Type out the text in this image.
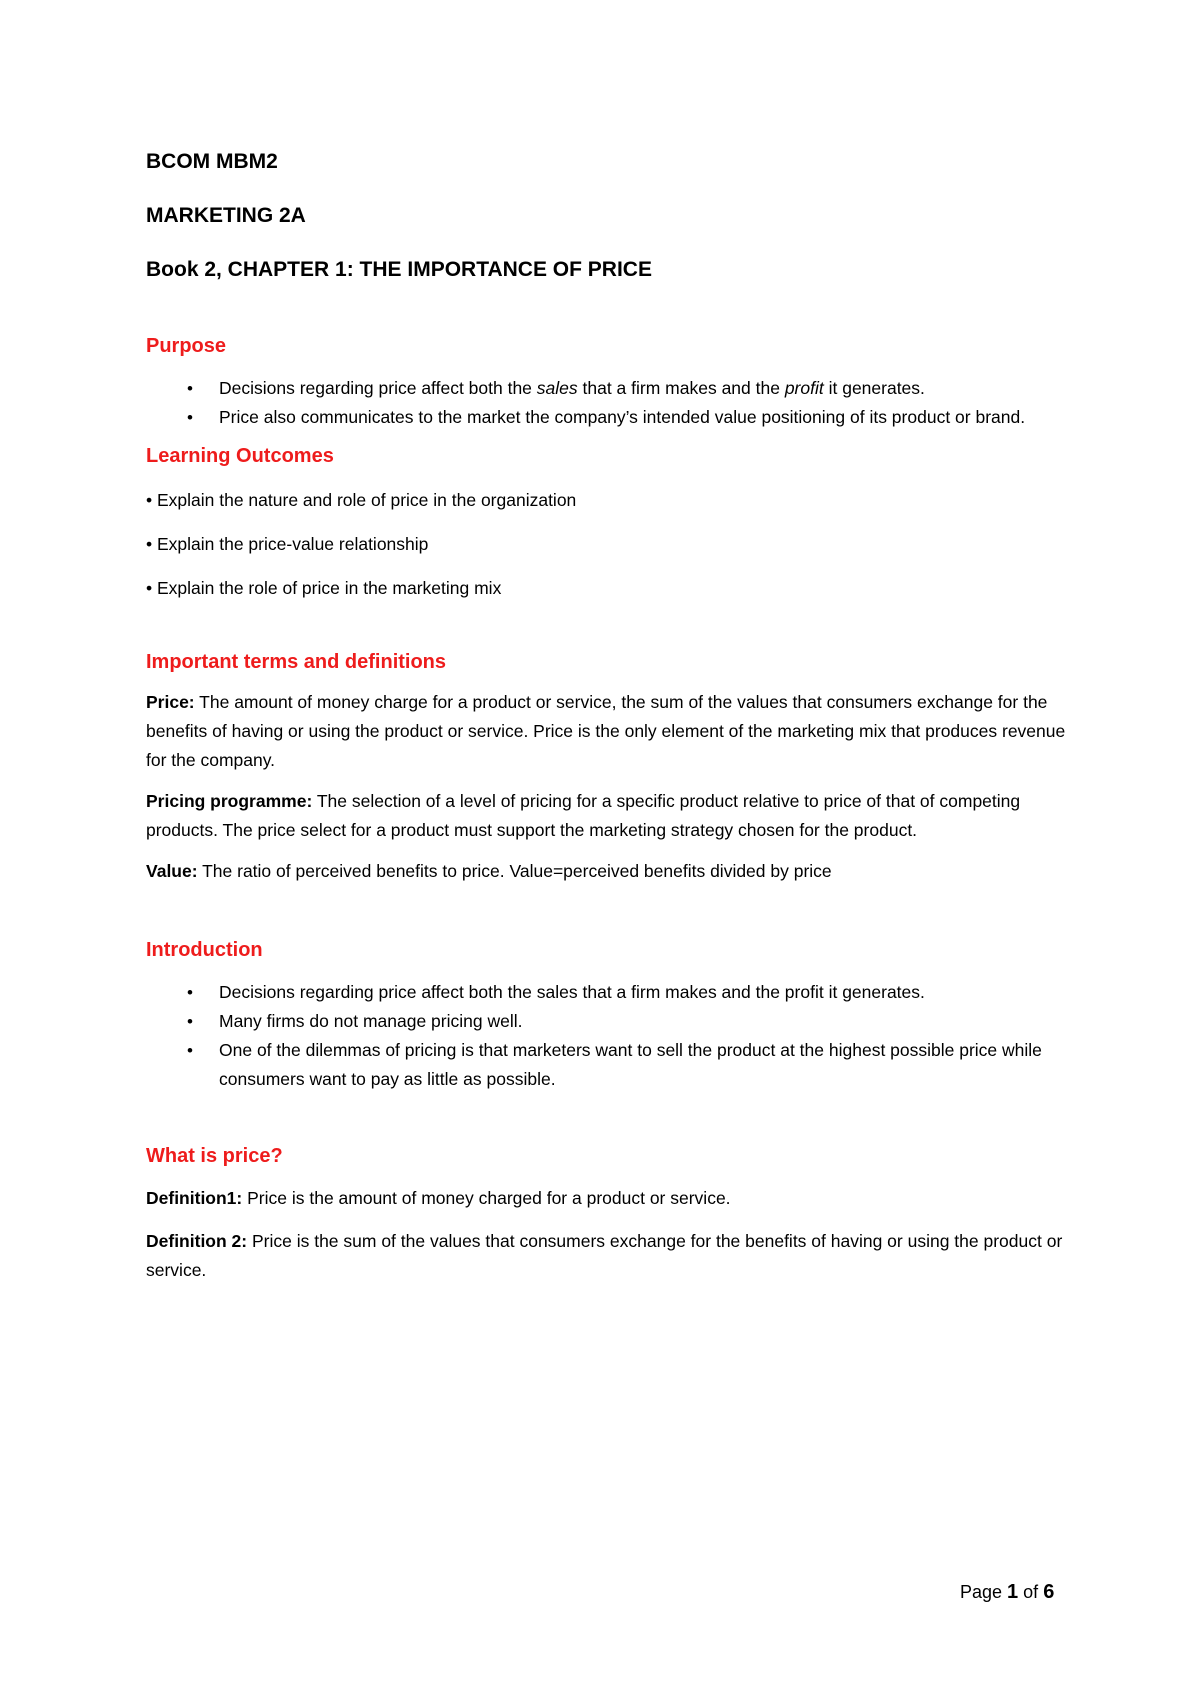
BCOM MBM2

MARKETING 2A

Book 2, CHAPTER 1: THE IMPORTANCE OF PRICE

Purpose

• Decisions regarding price affect both the sales that a firm makes and the profit it generates.
• Price also communicates to the market the company’s intended value positioning of its product or brand.

Learning Outcomes

• Explain the nature and role of price in the organization

• Explain the price-value relationship

• Explain the role of price in the marketing mix

Important terms and definitions

Price: The amount of money charge for a product or service, the sum of the values that consumers exchange for the benefits of having or using the product or service. Price is the only element of the marketing mix that produces revenue for the company.

Pricing programme: The selection of a level of pricing for a specific product relative to price of that of competing products. The price select for a product must support the marketing strategy chosen for the product.

Value: The ratio of perceived benefits to price. Value=perceived benefits divided by price

Introduction

• Decisions regarding price affect both the sales that a firm makes and the profit it generates.
• Many firms do not manage pricing well.
• One of the dilemmas of pricing is that marketers want to sell the product at the highest possible price while consumers want to pay as little as possible.

What is price?

Definition1: Price is the amount of money charged for a product or service.

Definition 2: Price is the sum of the values that consumers exchange for the benefits of having or using the product or service.

Page 1 of 6
